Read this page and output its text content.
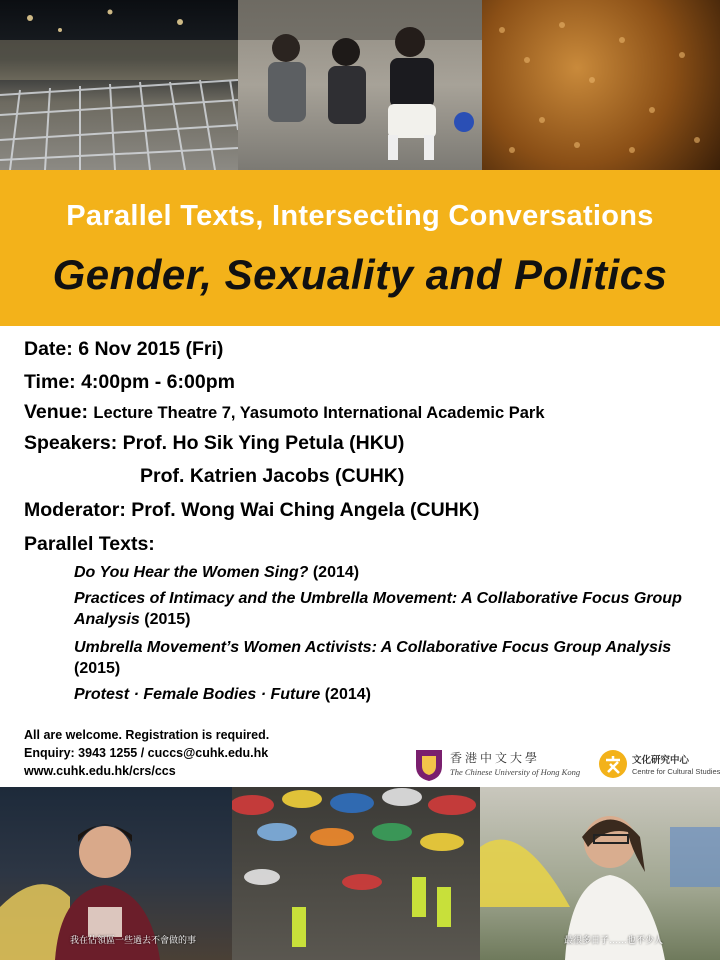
Parallel Texts, Intersecting Conversations
Gender, Sexuality and Politics
Date: 6 Nov 2015 (Fri)
Time: 4:00pm - 6:00pm
Venue: Lecture Theatre 7, Yasumoto International Academic Park
Speakers: Prof. Ho Sik Ying Petula (HKU)
Prof. Katrien Jacobs (CUHK)
Moderator: Prof. Wong Wai Ching Angela (CUHK)
Parallel Texts:
Do You Hear the Women Sing? (2014)
Practices of Intimacy and the Umbrella Movement: A Collaborative Focus Group Analysis (2015)
Umbrella Movement’s Women Activists: A Collaborative Focus Group Analysis (2015)
Protest · Female Bodies · Future (2014)
All are welcome. Registration is required.
Enquiry: 3943 1255 / cuccs@cuhk.edu.hk
www.cuhk.edu.hk/crs/ccs
香港中文大學
The Chinese University of Hong Kong
文化研究中心
Centre for Cultural Studies
我在佔領區一些過去不會做的事	最很多日子……也不少人
